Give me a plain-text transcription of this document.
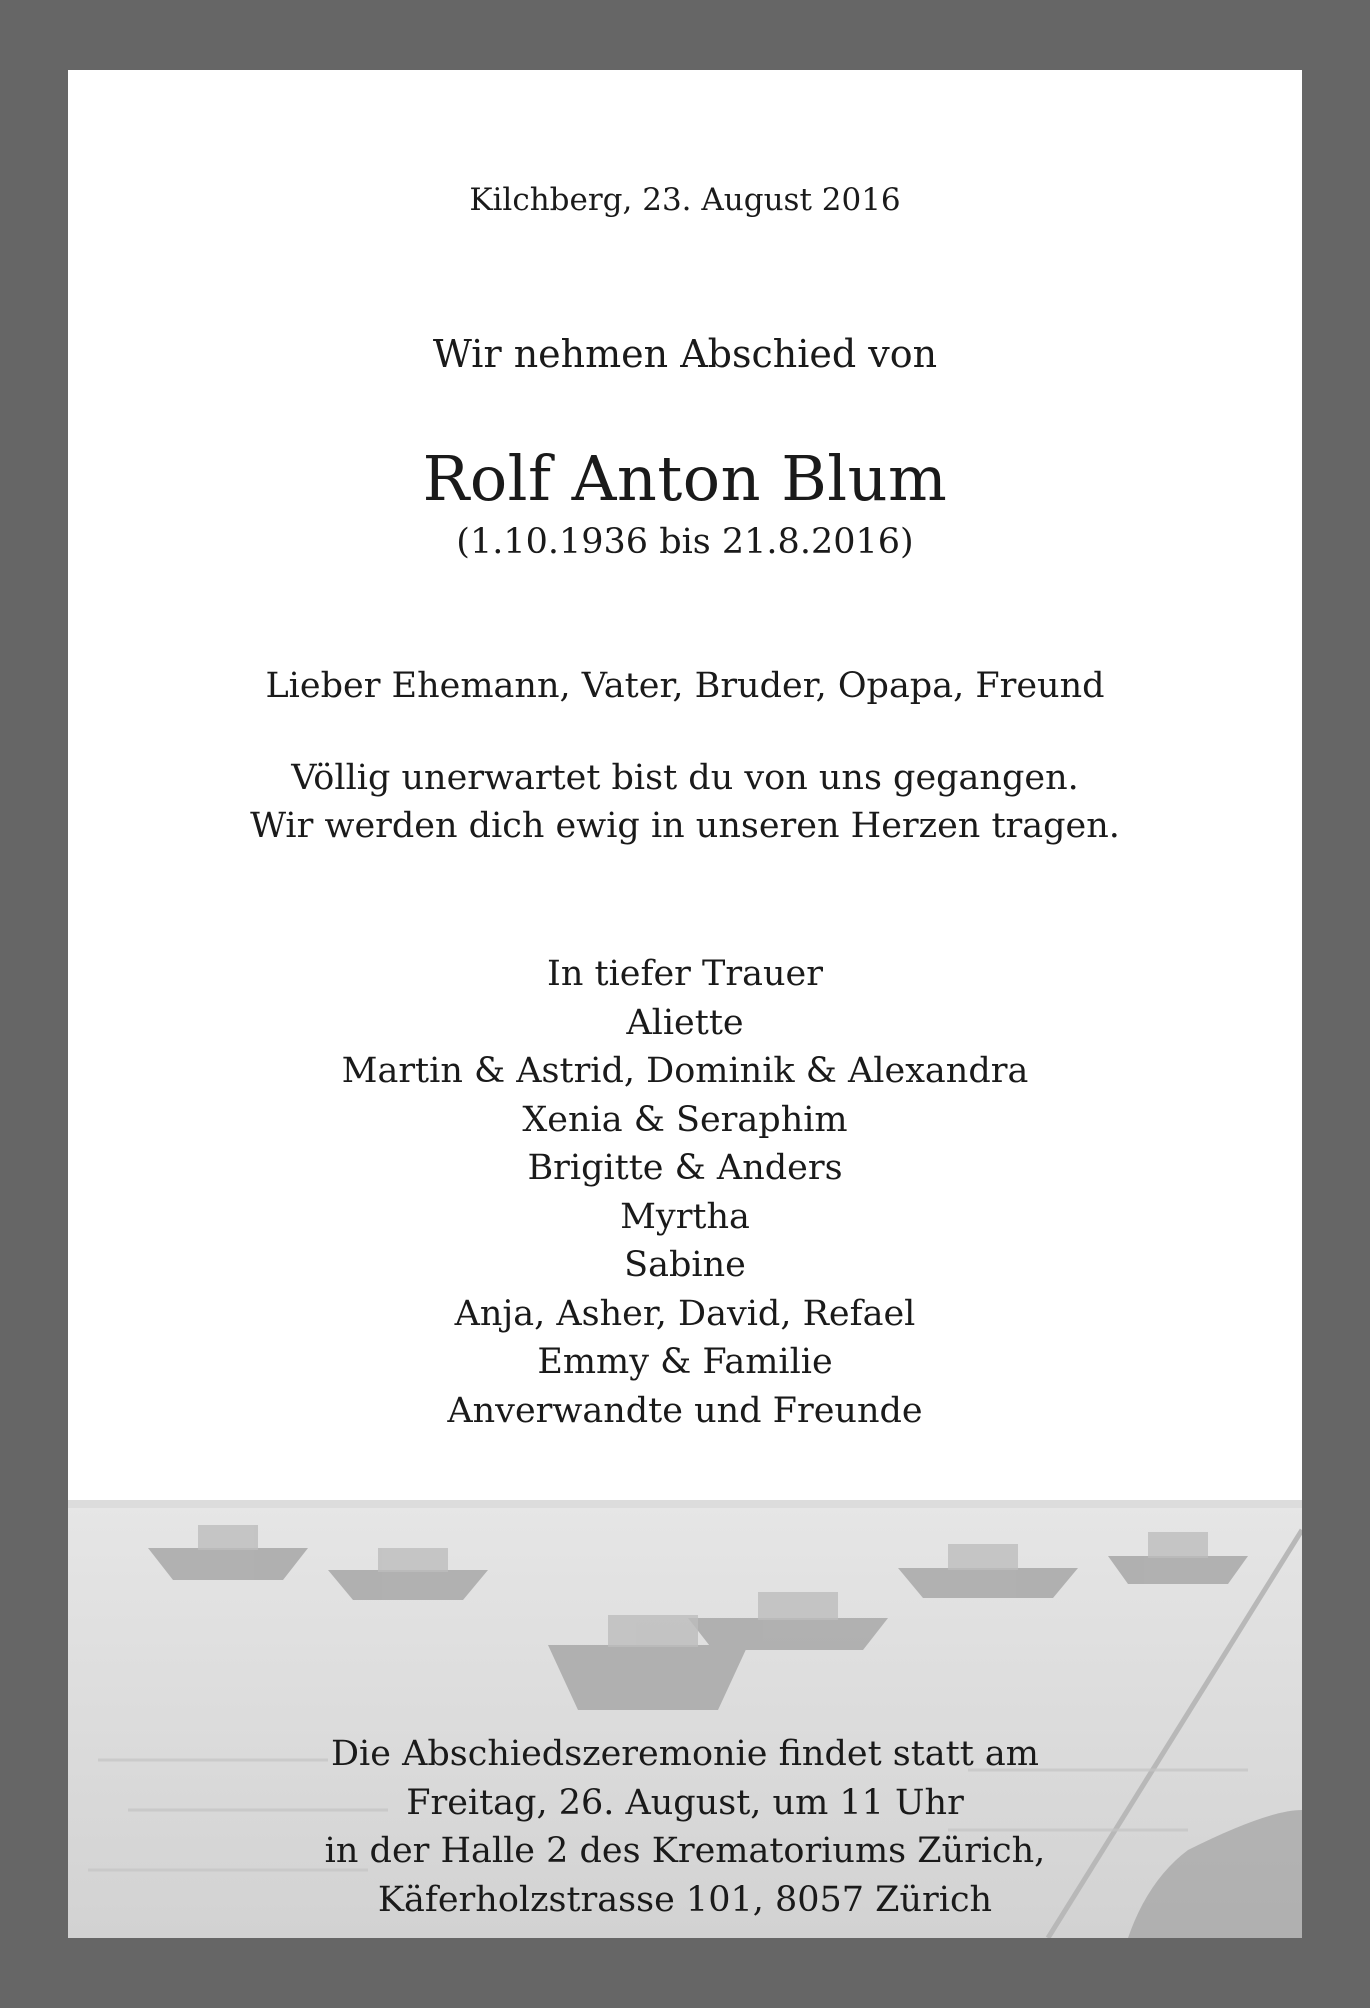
Kilchberg, 23. August 2016
Wir nehmen Abschied von
Rolf Anton Blum
(1.10.1936 bis 21.8.2016)
Lieber Ehemann, Vater, Bruder, Opapa, Freund
Völlig unerwartet bist du von uns gegangen.
Wir werden dich ewig in unseren Herzen tragen.
In tiefer Trauer
Aliette
Martin & Astrid, Dominik & Alexandra
Xenia & Seraphim
Brigitte & Anders
Myrtha
Sabine
Anja, Asher, David, Refael
Emmy & Familie
Anverwandte und Freunde
Die Abschiedszeremonie findet statt am
Freitag, 26. August, um 11 Uhr
in der Halle 2 des Krematoriums Zürich,
Käferholzstrasse 101, 8057 Zürich
